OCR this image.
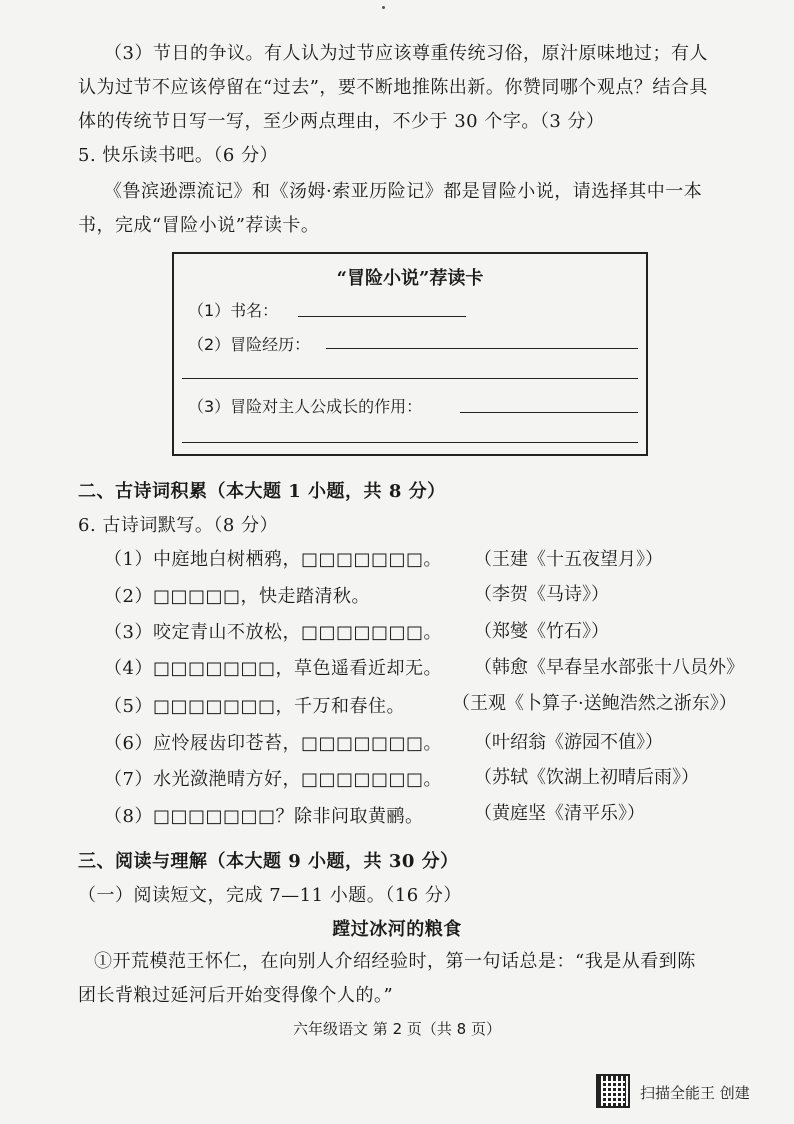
（3）节日的争议。有人认为过节应该尊重传统习俗，原汁原味地过；有人
认为过节不应该停留在“过去”，要不断地推陈出新。你赞同哪个观点？结合具
体的传统节日写一写，至少两点理由，不少于 30 个字。（3 分）
5. 快乐读书吧。（6 分）
《鲁滨逊漂流记》和《汤姆·索亚历险记》都是冒险小说，请选择其中一本
书，完成“冒险小说”荐读卡。
“冒险小说”荐读卡
（1）书名：
（2）冒险经历：
（3）冒险对主人公成长的作用：
二、古诗词积累（本大题 1 小题，共 8 分）
6. 古诗词默写。（8 分）
（1）中庭地白树栖鸦，□□□□□□□。 （王建《十五夜望月》）
（2）□□□□□，快走踏清秋。	（李贺《马诗》）
（3）咬定青山不放松，□□□□□□□。 （郑燮《竹石》）
（4）□□□□□□□，草色遥看近却无。 （韩愈《早春呈水部张十八员外》
（5）□□□□□□□，千万和春住。	（王观《卜算子·送鲍浩然之浙东》）
（6）应怜屐齿印苍苔，□□□□□□□。 （叶绍翁《游园不值》）
（7）水光潋滟晴方好，□□□□□□□。 （苏轼《饮湖上初晴后雨》）
（8）□□□□□□□？除非问取黄鹂。	（黄庭坚《清平乐》）
三、阅读与理解（本大题 9 小题，共 30 分）
（一）阅读短文，完成 7—11 小题。（16 分）
蹚过冰河的粮食
①开荒模范王怀仁，在向别人介绍经验时，第一句话总是：“我是从看到陈
团长背粮过延河后开始变得像个人的。”
六年级语文 第 2 页（共 8 页）
扫描全能王 创建
